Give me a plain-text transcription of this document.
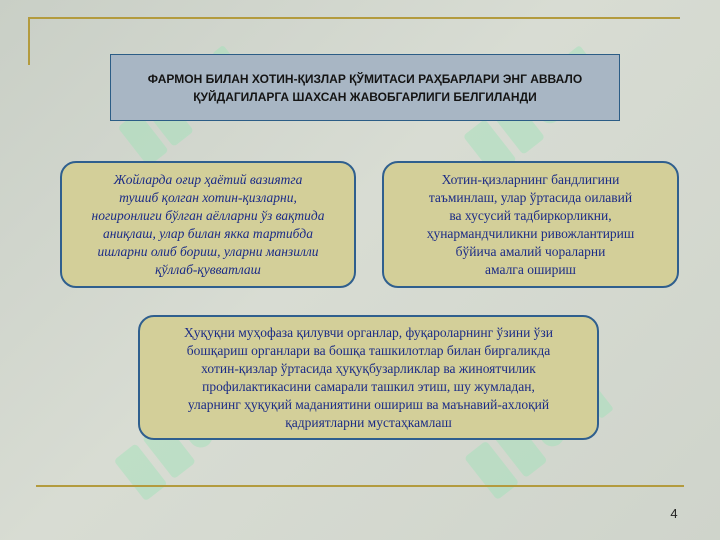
ФАРМОН БИЛАН ХОТИН-ҚИЗЛАР ҚЎМИТАСИ РАҲБАРЛАРИ ЭНГ АВВАЛО ҚУЙДАГИЛАРГА ШАХСАН ЖАВОБГАРЛИГИ БЕЛГИЛАНДИ
Жойларда оғир ҳаётий вазиятга
тушиб қолган хотин-қизларни,
ногиронлиги бўлган аёлларни ўз вақтида
аниқлаш, улар билан якка тартибда
ишларни олиб бориш, уларни манзилли
қўллаб-қувватлаш
Хотин-қизларнинг бандлигини
таъминлаш, улар ўртасида оилавий
ва хусусий тадбиркорликни,
ҳунармандчиликни ривожлантириш
бўйича амалий чораларни
амалга ошириш
Ҳуқуқни муҳофаза қилувчи органлар, фуқароларнинг ўзини ўзи
бошқариш органлари ва бошқа ташкилотлар билан биргаликда
хотин-қизлар ўртасида ҳуқуқбузарликлар ва жиноятчилик
профилактикасини самарали ташкил этиш, шу жумладан,
уларнинг ҳуқуқий маданиятини ошириш ва маънавий-ахлоқий
қадриятларни мустаҳкамлаш
4
